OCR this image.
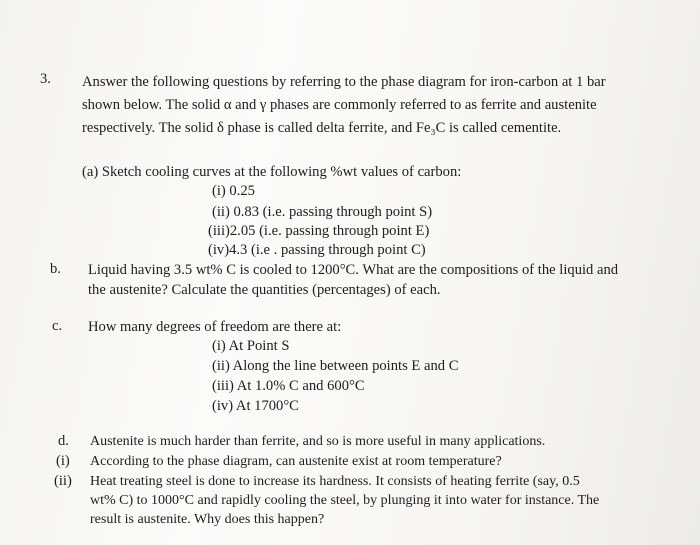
3. Answer the following questions by referring to the phase diagram for iron-carbon at 1 bar
shown below. The solid α and γ phases are commonly referred to as ferrite and austenite
respectively. The solid δ phase is called delta ferrite, and Fe₃C is called cementite.
(a) Sketch cooling curves at the following %wt values of carbon:
(i) 0.25
(ii) 0.83 (i.e. passing through point S)
(iii)2.05 (i.e. passing through point E)
(iv)4.3 (i.e . passing through point C)
b. Liquid having 3.5 wt% C is cooled to 1200°C. What are the compositions of the liquid and
the austenite? Calculate the quantities (percentages) of each.
c. How many degrees of freedom are there at:
(i) At Point S
(ii) Along the line between points E and C
(iii) At 1.0% C and 600°C
(iv) At 1700°C
d.
(i)
(ii)
Austenite is much harder than ferrite, and so is more useful in many applications.
According to the phase diagram, can austenite exist at room temperature?
Heat treating steel is done to increase its hardness. It consists of heating ferrite (say, 0.5
wt% C) to 1000°C and rapidly cooling the steel, by plunging it into water for instance. The
result is austenite. Why does this happen?
